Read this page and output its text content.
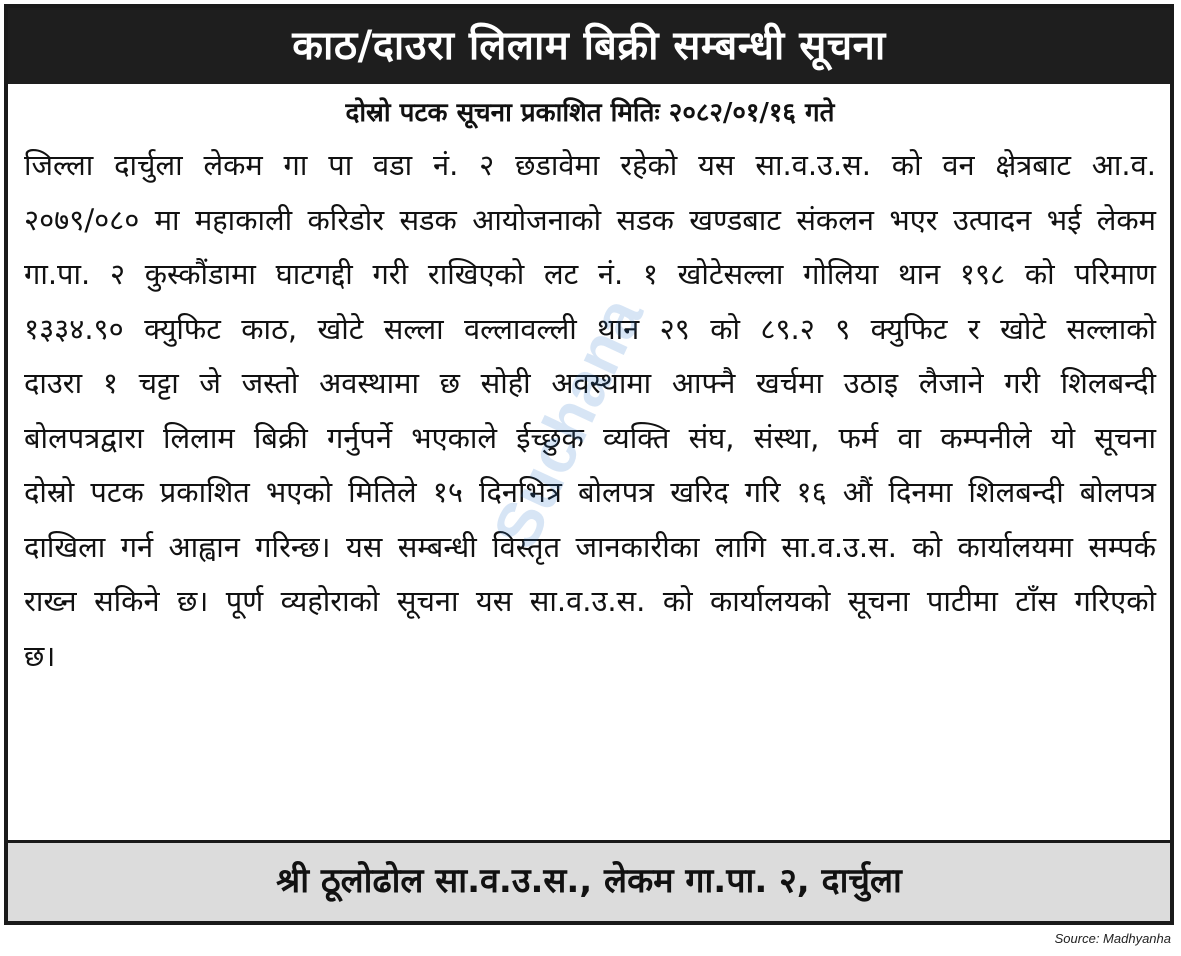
काठ/दाउरा लिलाम बिक्री सम्बन्धी सूचना
दोस्रो पटक सूचना प्रकाशित मितिः २०८२/०१/१६ गते
जिल्ला दार्चुला लेकम गा पा वडा नं. २ छडावेमा रहेको यस सा.व.उ.स. को वन क्षेत्रबाट आ.व. २०७९/०८० मा महाकाली करिडोर सडक आयोजनाको सडक खण्डबाट संकलन भएर उत्पादन भई लेकम गा.पा. २ कुस्कौंडामा घाटगद्दी गरी राखिएको लट नं. १ खोटेसल्ला गोलिया थान १९८ को परिमाण १३३४.९० क्युफिट काठ, खोटे सल्ला वल्लावल्ली थान २९ को ८९.२ ९ क्युफिट र खोटे सल्लाको दाउरा १ चट्टा जे जस्तो अवस्थामा छ सोही अवस्थामा आफ्नै खर्चमा उठाइ लैजाने गरी शिलबन्दी बोलपत्रद्वारा लिलाम बिक्री गर्नुपर्ने भएकाले ईच्छुक व्यक्ति संघ, संस्था, फर्म वा कम्पनीले यो सूचना दोस्रो पटक प्रकाशित भएको मितिले १५ दिनभित्र बोलपत्र खरिद गरि १६ औं दिनमा शिलबन्दी बोलपत्र दाखिला गर्न आह्वान गरिन्छ। यस सम्बन्धी विस्तृत जानकारीका लागि सा.व.उ.स. को कार्यालयमा सम्पर्क राख्न सकिने छ। पूर्ण व्यहोराको सूचना यस सा.व.उ.स. को कार्यालयको सूचना पाटीमा टाँस गरिएको छ।
Suchana
श्री ठूलोढोल सा.व.उ.स., लेकम गा.पा. २, दार्चुला
Source: Madhyanha
